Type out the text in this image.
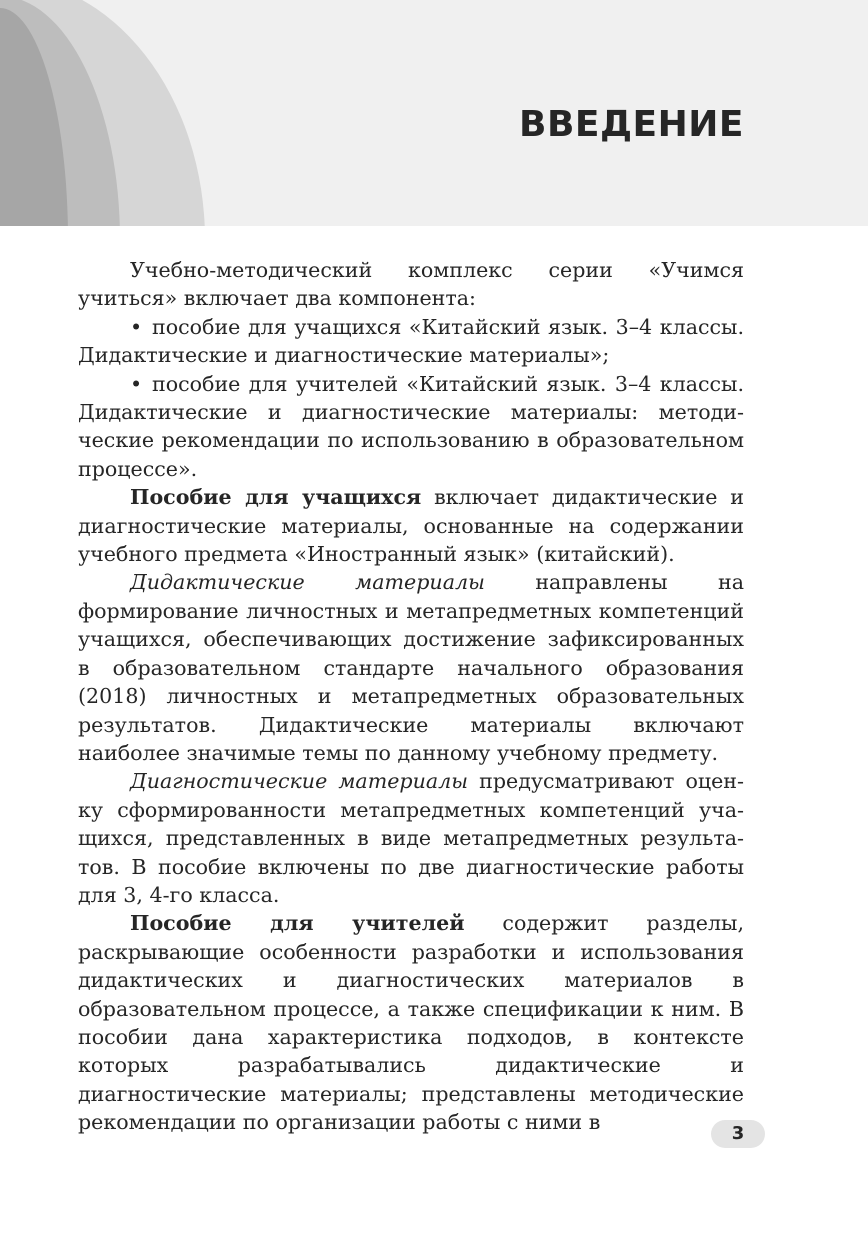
ВВЕДЕНИЕ

Учебно-методический комплекс серии «Учимся учиться» включает два компонента:

• пособие для учащихся «Китайский язык. 3–4 классы. Дидактические и диагностические материалы»;

• пособие для учителей «Китайский язык. 3–4 классы. Дидактические и диагностические материалы: методические рекомендации по использованию в образовательном процессе».

Пособие для учащихся включает дидактические и диагностические материалы, основанные на содержании учебного предмета «Иностранный язык» (китайский).

Дидактические материалы направлены на формирование личностных и метапредметных компетенций учащихся, обеспечивающих достижение зафиксированных в образовательном стандарте начального образования (2018) личностных и метапредметных образовательных результатов. Дидактические материалы включают наиболее значимые темы по данному учебному предмету.

Диагностические материалы предусматривают оценку сформированности метапредметных компетенций учащихся, представленных в виде метапредметных результатов. В пособие включены по две диагностические работы для 3, 4-го класса.

Пособие для учителей содержит разделы, раскрывающие особенности разработки и использования дидактических и диагностических материалов в образовательном процессе, а также спецификации к ним. В пособии дана характеристика подходов, в контексте которых разрабатывались дидактические и диагностические материалы; представлены методические рекомендации по организации работы с ними в	3
